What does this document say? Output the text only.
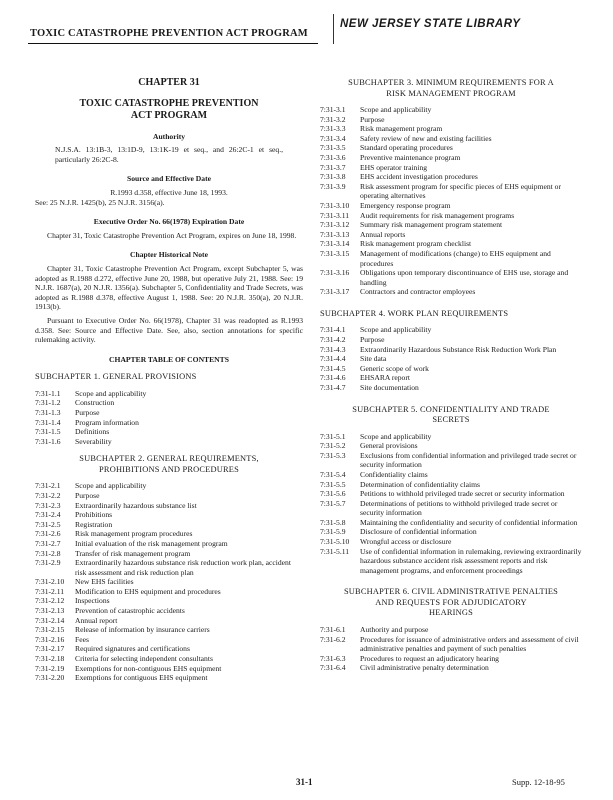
TOXIC CATASTROPHE PREVENTION ACT PROGRAM
NEW JERSEY STATE LIBRARY
CHAPTER 31
TOXIC CATASTROPHE PREVENTION
ACT PROGRAM
Authority
N.J.S.A. 13:1B-3, 13:1D-9, 13:1K-19 et seq., and 26:2C-1 et seq., particularly 26:2C-8.
Source and Effective Date
R.1993 d.358, effective June 18, 1993.
See: 25 N.J.R. 1425(b), 25 N.J.R. 3156(a).
Executive Order No. 66(1978) Expiration Date
Chapter 31, Toxic Catastrophe Prevention Act Program, expires on June 18, 1998.
Chapter Historical Note
Chapter 31, Toxic Catastrophe Prevention Act Program, except Subchapter 5, was adopted as R.1988 d.272, effective June 20, 1988, but operative July 21, 1988. See: 19 N.J.R. 1687(a), 20 N.J.R. 1356(a). Subchapter 5, Confidentiality and Trade Secrets, was adopted as R.1988 d.378, effective August 1, 1988. See: 20 N.J.R. 350(a), 20 N.J.R. 1913(b).
Pursuant to Executive Order No. 66(1978), Chapter 31 was readopted as R.1993 d.358. See: Source and Effective Date. See, also, section annotations for specific rulemaking activity.
CHAPTER TABLE OF CONTENTS
SUBCHAPTER 1. GENERAL PROVISIONS
7:31-1.1	Scope and applicability
7:31-1.2	Construction
7:31-1.3	Purpose
7:31-1.4	Program information
7:31-1.5	Definitions
7:31-1.6	Severability
SUBCHAPTER 2. GENERAL REQUIREMENTS,
PROHIBITIONS AND PROCEDURES
7:31-2.1	Scope and applicability
7:31-2.2	Purpose
7:31-2.3	Extraordinarily hazardous substance list
7:31-2.4	Prohibitions
7:31-2.5	Registration
7:31-2.6	Risk management program procedures
7:31-2.7	Initial evaluation of the risk management program
7:31-2.8	Transfer of risk management program
7:31-2.9	Extraordinarily hazardous substance risk reduction work plan, accident risk assessment and risk reduction plan
7:31-2.10	New EHS facilities
7:31-2.11	Modification to EHS equipment and procedures
7:31-2.12	Inspections
7:31-2.13	Prevention of catastrophic accidents
7:31-2.14	Annual report
7:31-2.15	Release of information by insurance carriers
7:31-2.16	Fees
7:31-2.17	Required signatures and certifications
7:31-2.18	Criteria for selecting independent consultants
7:31-2.19	Exemptions for non-contiguous EHS equipment
7:31-2.20	Exemptions for contiguous EHS equipment
SUBCHAPTER 3. MINIMUM REQUIREMENTS FOR A
RISK MANAGEMENT PROGRAM
7:31-3.1	Scope and applicability
7:31-3.2	Purpose
7:31-3.3	Risk management program
7:31-3.4	Safety review of new and existing facilities
7:31-3.5	Standard operating procedures
7:31-3.6	Preventive maintenance program
7:31-3.7	EHS operator training
7:31-3.8	EHS accident investigation procedures
7:31-3.9	Risk assessment program for specific pieces of EHS equipment or operating alternatives
7:31-3.10	Emergency response program
7:31-3.11	Audit requirements for risk management programs
7:31-3.12	Summary risk management program statement
7:31-3.13	Annual reports
7:31-3.14	Risk management program checklist
7:31-3.15	Management of modifications (change) to EHS equipment and procedures
7:31-3.16	Obligations upon temporary discontinuance of EHS use, storage and handling
7:31-3.17	Contractors and contractor employees
SUBCHAPTER 4. WORK PLAN REQUIREMENTS
7:31-4.1	Scope and applicability
7:31-4.2	Purpose
7:31-4.3	Extraordinarily Hazardous Substance Risk Reduction Work Plan
7:31-4.4	Site data
7:31-4.5	Generic scope of work
7:31-4.6	EHSARA report
7:31-4.7	Site documentation
SUBCHAPTER 5. CONFIDENTIALITY AND TRADE
SECRETS
7:31-5.1	Scope and applicability
7:31-5.2	General provisions
7:31-5.3	Exclusions from confidential information and privileged trade secret or security information
7:31-5.4	Confidentiality claims
7:31-5.5	Determination of confidentiality claims
7:31-5.6	Petitions to withhold privileged trade secret or security information
7:31-5.7	Determinations of petitions to withhold privileged trade secret or security information
7:31-5.8	Maintaining the confidentiality and security of confidential information
7:31-5.9	Disclosure of confidential information
7:31-5.10	Wrongful access or disclosure
7:31-5.11	Use of confidential information in rulemaking, reviewing extraordinarily hazardous substance accident risk assessment reports and risk management programs, and enforcement proceedings
SUBCHAPTER 6. CIVIL ADMINISTRATIVE PENALTIES
AND REQUESTS FOR ADJUDICATORY
HEARINGS
7:31-6.1	Authority and purpose
7:31-6.2	Procedures for issuance of administrative orders and assessment of civil administrative penalties and payment of such penalties
7:31-6.3	Procedures to request an adjudicatory hearing
7:31-6.4	Civil administrative penalty determination
31-1	Supp. 12-18-95
